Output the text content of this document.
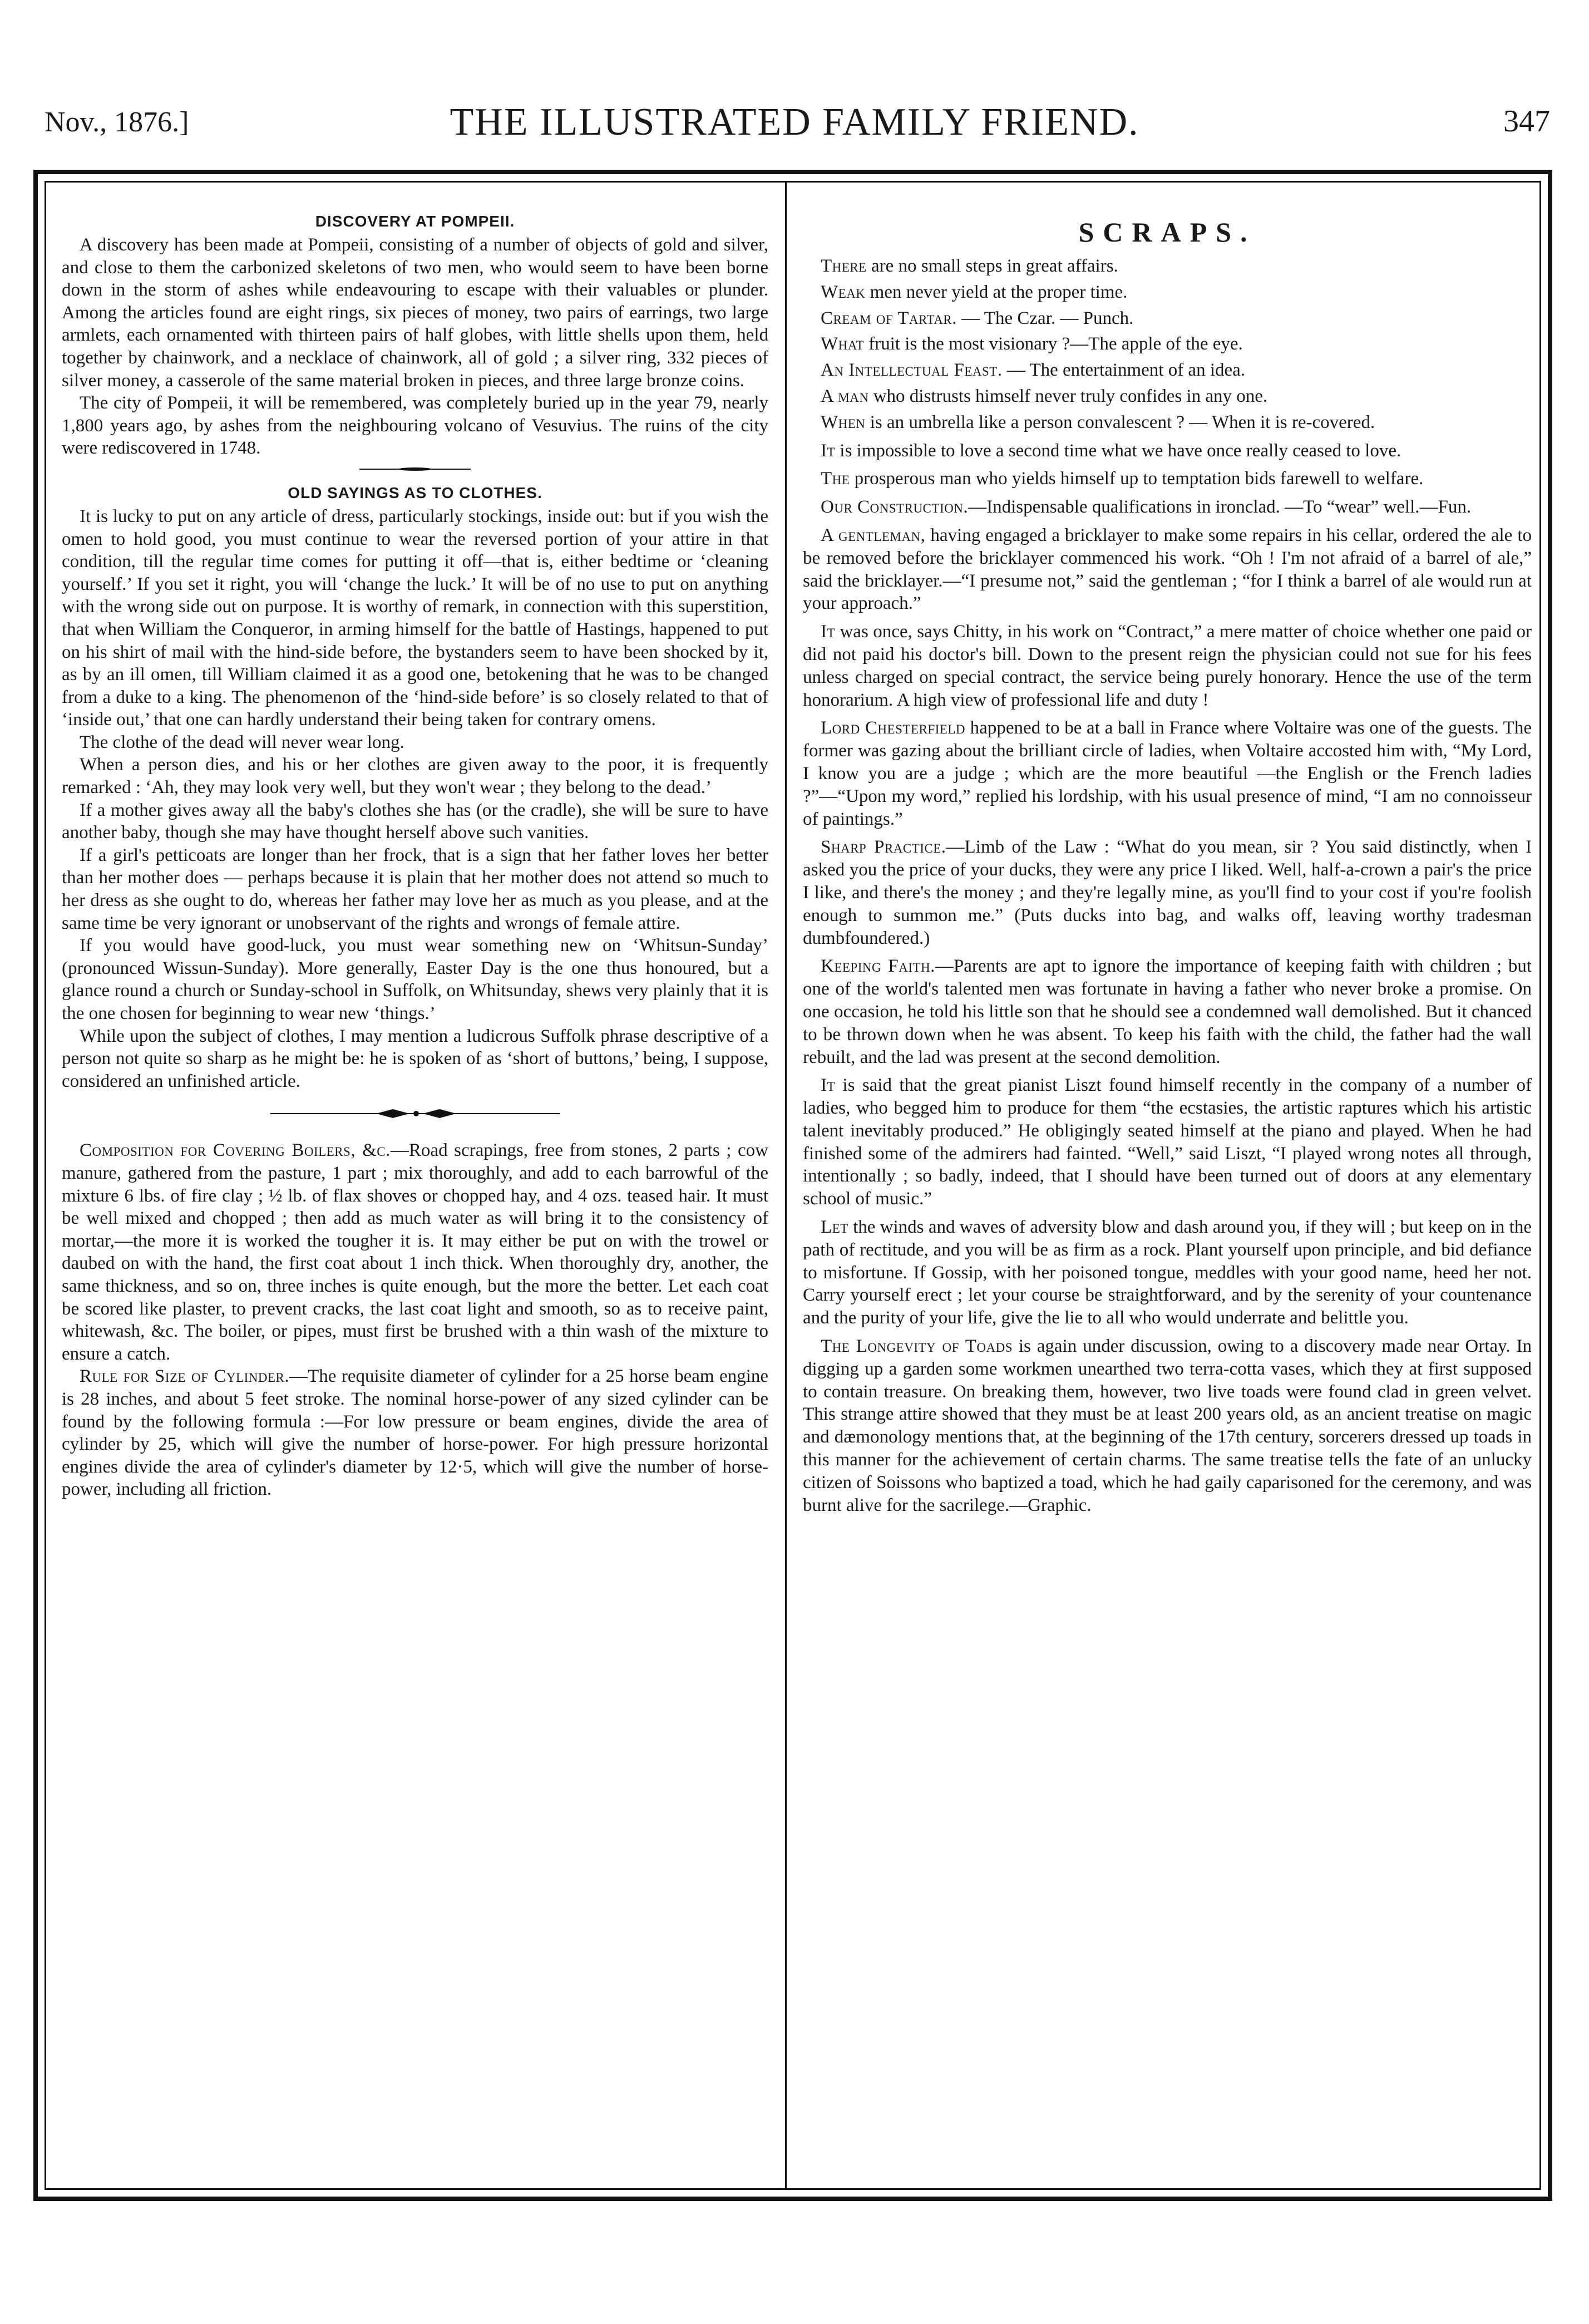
Nov., 1876.]	THE ILLUSTRATED FAMILY FRIEND.	347
DISCOVERY AT POMPEII.

A discovery has been made at Pompeii, consisting of a number of objects of gold and silver, and close to them the carbonized skeletons of two men, who would seem to have been borne down in the storm of ashes while endeavouring to escape with their valuables or plunder. Among the articles found are eight rings, six pieces of money, two pairs of earrings, two large armlets, each ornamented with thirteen pairs of half globes, with little shells upon them, held together by chainwork, and a necklace of chainwork, all of gold ; a silver ring, 332 pieces of silver money, a casserole of the same material broken in pieces, and three large bronze coins.

The city of Pompeii, it will be remembered, was completely buried up in the year 79, nearly 1,800 years ago, by ashes from the neighbouring volcano of Vesuvius. The ruins of the city were rediscovered in 1748.

OLD SAYINGS AS TO CLOTHES.

It is lucky to put on any article of dress, particularly stockings, inside out: but if you wish the omen to hold good, you must continue to wear the reversed portion of your attire in that condition, till the regular time comes for putting it off—that is, either bedtime or ‘cleaning yourself.’ If you set it right, you will ‘change the luck.’ It will be of no use to put on anything with the wrong side out on purpose. It is worthy of remark, in connection with this superstition, that when William the Conqueror, in arming himself for the battle of Hastings, happened to put on his shirt of mail with the hind-side before, the bystanders seem to have been shocked by it, as by an ill omen, till William claimed it as a good one, betokening that he was to be changed from a duke to a king. The phenomenon of the ‘hind-side before’ is so closely related to that of ‘inside out,’ that one can hardly understand their being taken for contrary omens.

The clothe of the dead will never wear long.

When a person dies, and his or her clothes are given away to the poor, it is frequently remarked : ‘Ah, they may look very well, but they won't wear ; they belong to the dead.’

If a mother gives away all the baby's clothes she has (or the cradle), she will be sure to have another baby, though she may have thought herself above such vanities.

If a girl's petticoats are longer than her frock, that is a sign that her father loves her better than her mother does — perhaps because it is plain that her mother does not attend so much to her dress as she ought to do, whereas her father may love her as much as you please, and at the same time be very ignorant or unobservant of the rights and wrongs of female attire.

If you would have good-luck, you must wear something new on ‘Whitsun-Sunday’ (pronounced Wissun-Sunday). More generally, Easter Day is the one thus honoured, but a glance round a church or Sunday-school in Suffolk, on Whitsunday, shews very plainly that it is the one chosen for beginning to wear new ‘things.’

While upon the subject of clothes, I may mention a ludicrous Suffolk phrase descriptive of a person not quite so sharp as he might be: he is spoken of as ‘short of buttons,’ being, I suppose, considered an unfinished article.

Composition for Covering Boilers, &c.—Road scrapings, free from stones, 2 parts ; cow manure, gathered from the pasture, 1 part ; mix thoroughly, and add to each barrowful of the mixture 6 lbs. of fire clay ; ½ lb. of flax shoves or chopped hay, and 4 ozs. teased hair. It must be well mixed and chopped ; then add as much water as will bring it to the consistency of mortar,—the more it is worked the tougher it is. It may either be put on with the trowel or daubed on with the hand, the first coat about 1 inch thick. When thoroughly dry, another, the same thickness, and so on, three inches is quite enough, but the more the better. Let each coat be scored like plaster, to prevent cracks, the last coat light and smooth, so as to receive paint, whitewash, &c. The boiler, or pipes, must first be brushed with a thin wash of the mixture to ensure a catch.

Rule for Size of Cylinder.—The requisite diameter of cylinder for a 25 horse beam engine is 28 inches, and about 5 feet stroke. The nominal horse-power of any sized cylinder can be found by the following formula :—For low pressure or beam engines, divide the area of cylinder by 25, which will give the number of horse-power. For high pressure horizontal engines divide the area of cylinder's diameter by 12·5, which will give the number of horse-power, including all friction.

SCRAPS.

There are no small steps in great affairs.

Weak men never yield at the proper time.

Cream of Tartar. — The Czar. — Punch.

What fruit is the most visionary ?—The apple of the eye.

An Intellectual Feast. — The entertainment of an idea.

A man who distrusts himself never truly confides in any one.

When is an umbrella like a person convalescent ? — When it is re-covered.

It is impossible to love a second time what we have once really ceased to love.

The prosperous man who yields himself up to temptation bids farewell to welfare.

Our Construction.—Indispensable qualifications in ironclad. —To “wear” well.—Fun.

A gentleman, having engaged a bricklayer to make some repairs in his cellar, ordered the ale to be removed before the bricklayer commenced his work. “Oh ! I'm not afraid of a barrel of ale,” said the bricklayer.—“I presume not,” said the gentleman ; “for I think a barrel of ale would run at your approach.”

It was once, says Chitty, in his work on “Contract,” a mere matter of choice whether one paid or did not paid his doctor's bill. Down to the present reign the physician could not sue for his fees unless charged on special contract, the service being purely honorary. Hence the use of the term honorarium. A high view of professional life and duty !

Lord Chesterfield happened to be at a ball in France where Voltaire was one of the guests. The former was gazing about the brilliant circle of ladies, when Voltaire accosted him with, “My Lord, I know you are a judge ; which are the more beautiful —the English or the French ladies ?”—“Upon my word,” replied his lordship, with his usual presence of mind, “I am no connoisseur of paintings.”

Sharp Practice.—Limb of the Law : “What do you mean, sir ? You said distinctly, when I asked you the price of your ducks, they were any price I liked. Well, half-a-crown a pair's the price I like, and there's the money ; and they're legally mine, as you'll find to your cost if you're foolish enough to summon me.” (Puts ducks into bag, and walks off, leaving worthy tradesman dumbfoundered.)

Keeping Faith.—Parents are apt to ignore the importance of keeping faith with children ; but one of the world's talented men was fortunate in having a father who never broke a promise. On one occasion, he told his little son that he should see a condemned wall demolished. But it chanced to be thrown down when he was absent. To keep his faith with the child, the father had the wall rebuilt, and the lad was present at the second demolition.

It is said that the great pianist Liszt found himself recently in the company of a number of ladies, who begged him to produce for them “the ecstasies, the artistic raptures which his artistic talent inevitably produced.” He obligingly seated himself at the piano and played. When he had finished some of the admirers had fainted. “Well,” said Liszt, “I played wrong notes all through, intentionally ; so badly, indeed, that I should have been turned out of doors at any elementary school of music.”

Let the winds and waves of adversity blow and dash around you, if they will ; but keep on in the path of rectitude, and you will be as firm as a rock. Plant yourself upon principle, and bid defiance to misfortune. If Gossip, with her poisoned tongue, meddles with your good name, heed her not. Carry yourself erect ; let your course be straightforward, and by the serenity of your countenance and the purity of your life, give the lie to all who would underrate and belittle you.

The Longevity of Toads is again under discussion, owing to a discovery made near Ortay. In digging up a garden some workmen unearthed two terra-cotta vases, which they at first supposed to contain treasure. On breaking them, however, two live toads were found clad in green velvet. This strange attire showed that they must be at least 200 years old, as an ancient treatise on magic and dæmonology mentions that, at the beginning of the 17th century, sorcerers dressed up toads in this manner for the achievement of certain charms. The same treatise tells the fate of an unlucky citizen of Soissons who baptized a toad, which he had gaily caparisoned for the ceremony, and was burnt alive for the sacrilege.—Graphic.
